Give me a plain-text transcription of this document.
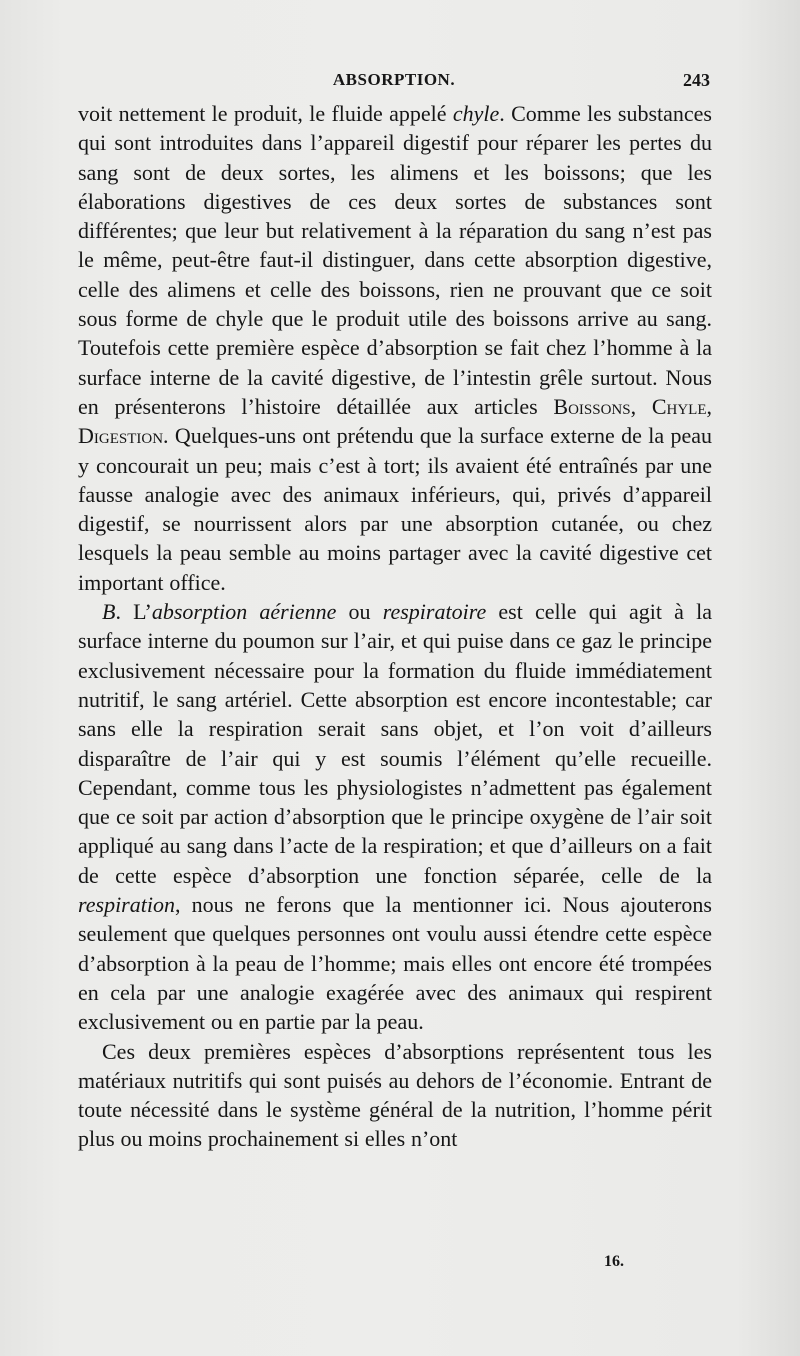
ABSORPTION.	243

voit nettement le produit, le fluide appelé chyle. Comme les substances qui sont introduites dans l’appareil digestif pour réparer les pertes du sang sont de deux sortes, les alimens et les boissons; que les élaborations digestives de ces deux sortes de substances sont différentes; que leur but relativement à la réparation du sang n’est pas le même, peut-être faut-il distinguer, dans cette absorption digestive, celle des alimens et celle des boissons, rien ne prouvant que ce soit sous forme de chyle que le produit utile des boissons arrive au sang. Toutefois cette première espèce d’absorption se fait chez l’homme à la surface interne de la cavité digestive, de l’intestin grêle surtout. Nous en présenterons l’histoire détaillée aux articles Boissons, Chyle, Digestion. Quelques-uns ont prétendu que la surface externe de la peau y concourait un peu; mais c’est à tort; ils avaient été entraînés par une fausse analogie avec des animaux inférieurs, qui, privés d’appareil digestif, se nourrissent alors par une absorption cutanée, ou chez lesquels la peau semble au moins partager avec la cavité digestive cet important office.

B. L’absorption aérienne ou respiratoire est celle qui agit à la surface interne du poumon sur l’air, et qui puise dans ce gaz le principe exclusivement nécessaire pour la formation du fluide immédiatement nutritif, le sang artériel. Cette absorption est encore incontestable; car sans elle la respiration serait sans objet, et l’on voit d’ailleurs disparaître de l’air qui y est soumis l’élément qu’elle recueille. Cependant, comme tous les physiologistes n’admettent pas également que ce soit par action d’absorption que le principe oxygène de l’air soit appliqué au sang dans l’acte de la respiration; et que d’ailleurs on a fait de cette espèce d’absorption une fonction séparée, celle de la respiration, nous ne ferons que la mentionner ici. Nous ajouterons seulement que quelques personnes ont voulu aussi étendre cette espèce d’absorption à la peau de l’homme; mais elles ont encore été trompées en cela par une analogie exagérée avec des animaux qui respirent exclusivement ou en partie par la peau.

Ces deux premières espèces d’absorptions représentent tous les matériaux nutritifs qui sont puisés au dehors de l’économie. Entrant de toute nécessité dans le système général de la nutrition, l’homme périt plus ou moins prochainement si elles n’ont

16.
